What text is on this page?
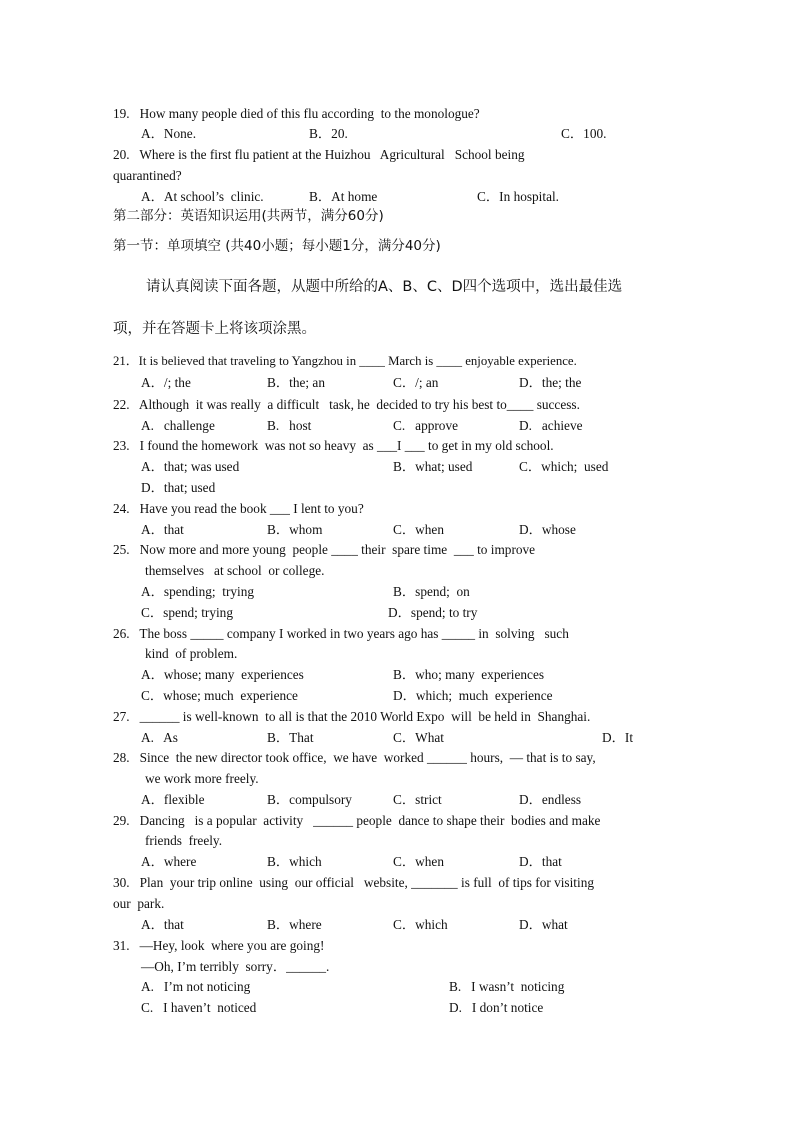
19.   How many people died of this flu according  to the monologue?
A．None.	B．20.	C．100.
20.   Where is the first flu patient at the Huizhou   Agricultural   School being
quarantined?
A．At school’s  clinic.	B．At home	C．In hospital.
第二部分：英语知识运用(共两节，满分60分)
第一节：单项填空 (共40小题；每小题1分，满分40分)
请认真阅读下面各题，从题中所给的A、B、C、D四个选项中，选出最佳选
项，并在答题卡上将该项涂黑。
21．It is believed that traveling to Yangzhou in ____ March is ____ enjoyable experience.
A．/; the	B．the; an	C．/; an	D．the; the
22.   Although  it was really  a difficult   task, he  decided to try his best to____ success.
A.   challenge	B.   host	C.   approve	D.   achieve
23.   I found the homework  was not so heavy  as ___I ___ to get in my old school.
A．that; was used	B．what; used	C．which;  used
D．that; used
24.   Have you read the book ___ I lent to you?
A．that	B．whom	C．when	D．whose
25.   Now more and more young  people ____ their  spare time  ___ to improve
themselves   at school  or college.
A．spending;  trying	B．spend;  on
C．spend; trying	D．spend; to try
26.   The boss _____ company I worked in two years ago has _____ in  solving   such
kind  of problem.
A．whose; many  experiences	B．who; many  experiences
C．whose; much  experience	D．which;  much  experience
27.   ______ is well-known  to all is that the 2010 World Expo  will  be held in  Shanghai.
A.   As	B．That	C．What	D．It
28.   Since  the new director took office,  we have  worked ______ hours,  — that is to say,
we work more freely.
A．flexible	B．compulsory	C．strict	D．endless
29.   Dancing   is a popular  activity   ______ people  dance to shape their  bodies and make
friends  freely.
A．where	B．which	C．when	D．that
30.   Plan  your trip online  using  our official   website, _______ is full  of tips for visiting
our  park.
A．that	B．where	C．which	D．what
31.   —Hey, look  where you are going!
—Oh, I’m terribly  sorry．______.
A.   I’m not noticing	B.   I wasn’t  noticing
C.   I haven’t  noticed	D.   I don’t notice
